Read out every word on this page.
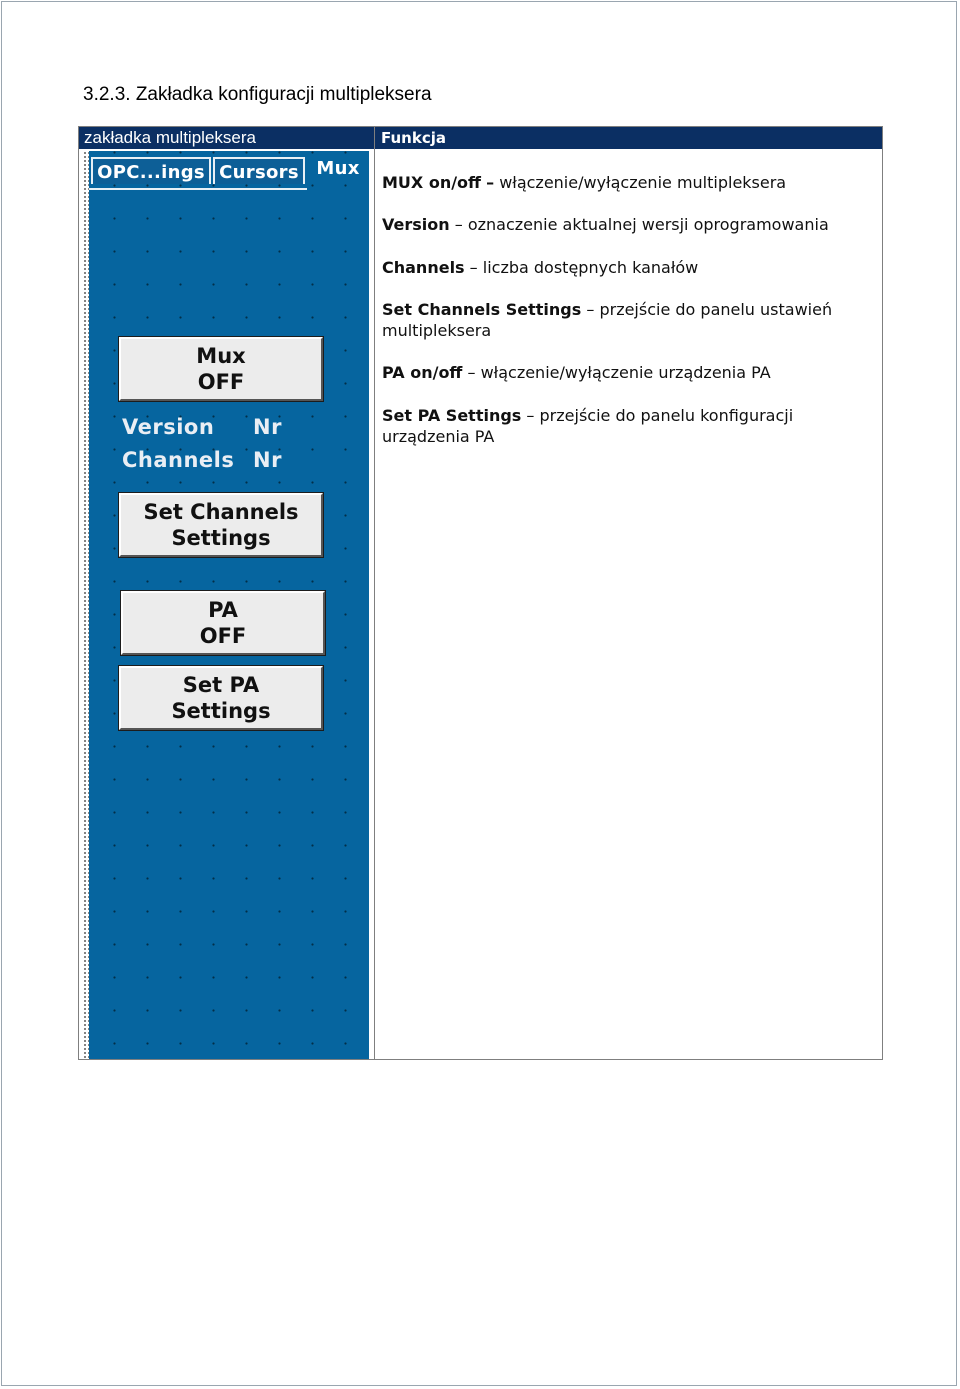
3.2.3. Zakładka konfiguracji multipleksera
zakładka multipleksera	Funkcja
OPC...ings Cursors Mux
Mux
OFF
Version Nr
Channels Nr
Set Channels
Settings
PA
OFF
Set PA
Settings
MUX on/off – włączenie/wyłączenie multipleksera
Version – oznaczenie aktualnej wersji oprogramowania
Channels – liczba dostępnych kanałów
Set Channels Settings – przejście do panelu ustawień multipleksera
PA on/off – włączenie/wyłączenie urządzenia PA
Set PA Settings – przejście do panelu konfiguracji urządzenia PA
